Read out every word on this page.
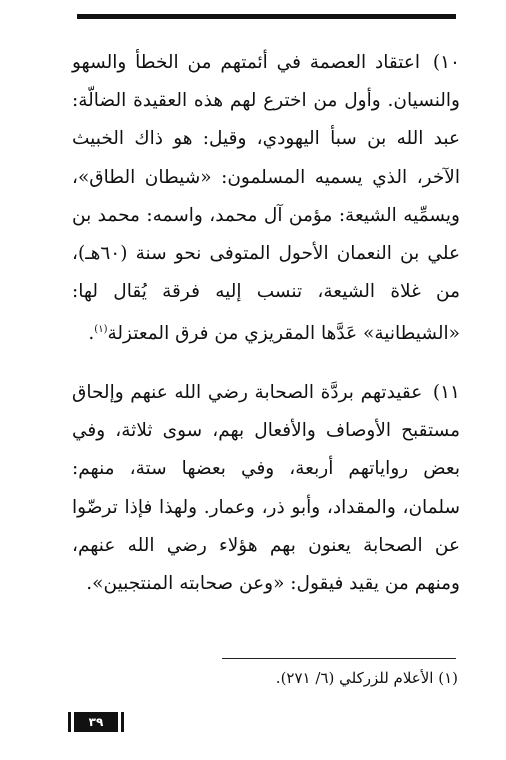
١٠) اعتقاد العصمة في أئمتهم من الخطأ والسهو والنسيان. وأول من اخترع لهم هذه العقيدة الضالّة: عبد الله بن سبأ اليهودي، وقيل: هو ذاك الخبيث الآخر، الذي يسميه المسلمون: «شيطان الطاق»، ويسمِّيه الشيعة: مؤمن آل محمد، واسمه: محمد بن علي بن النعمان الأحول المتوفى نحو سنة (٦٠هـ)، من غلاة الشيعة، تنسب إليه فرقة يُقال لها: «الشيطانية» عَدَّها المقريزي من فرق المعتزلة$^{(١)}$.
١١) عقيدتهم بردَّة الصحابة رضي الله عنهم وإلحاق مستقبح الأوصاف والأفعال بهم، سوى ثلاثة، وفي بعض رواياتهم أربعة، وفي بعضها ستة، منهم: سلمان، والمقداد، وأبو ذر، وعمار. ولهذا فإذا ترضّوا عن الصحابة يعنون بهم هؤلاء رضي الله عنهم، ومنهم من يقيد فيقول: «وعن صحابته المنتجبين».
(١) الأعلام للزركلي (٦/ ٢٧١).
٣٩
